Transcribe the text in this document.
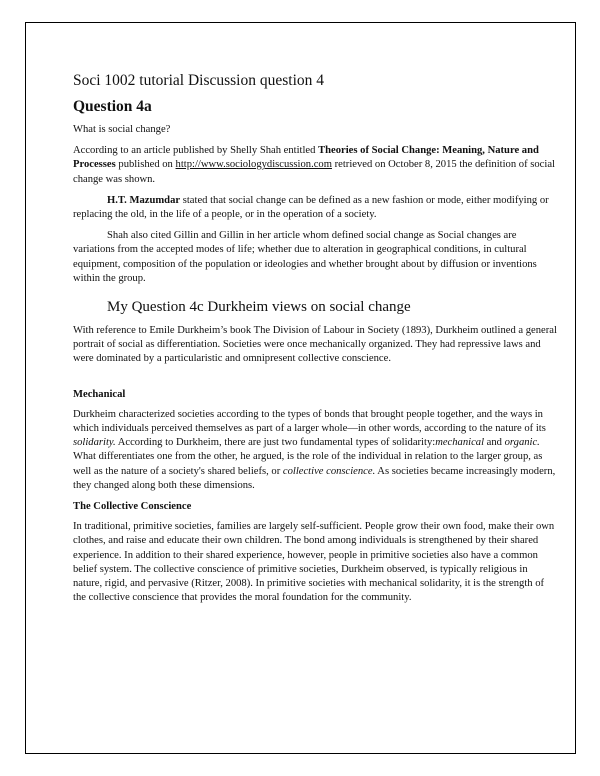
Soci 1002 tutorial Discussion question 4
Question 4a

What is social change?

According to an article published by Shelly Shah entitled Theories of Social Change: Meaning, Nature and Processes published on http://www.sociologydiscussion.com retrieved on October 8, 2015 the definition of social change was shown.

H.T. Mazumdar stated that social change can be defined as a new fashion or mode, either modifying or replacing the old, in the life of a people, or in the operation of a society.

Shah also cited Gillin and Gillin in her article whom defined social change as Social changes are variations from the accepted modes of life; whether due to alteration in geographical conditions, in cultural equipment, composition of the population or ideologies and whether brought about by diffusion or inventions within the group.

My Question 4c Durkheim views on social change

With reference to Emile Durkheim’s book The Division of Labour in Society (1893), Durkheim outlined a general portrait of social as differentiation. Societies were once mechanically organized. They had repressive laws and were dominated by a particularistic and omnipresent collective conscience.

Mechanical

Durkheim characterized societies according to the types of bonds that brought people together, and the ways in which individuals perceived themselves as part of a larger whole—in other words, according to the nature of its solidarity. According to Durkheim, there are just two fundamental types of solidarity:mechanical and organic. What differentiates one from the other, he argued, is the role of the individual in relation to the larger group, as well as the nature of a society's shared beliefs, or collective conscience. As societies became increasingly modern, they changed along both these dimensions.

The Collective Conscience

In traditional, primitive societies, families are largely self-sufficient. People grow their own food, make their own clothes, and raise and educate their own children. The bond among individuals is strengthened by their shared experience. In addition to their shared experience, however, people in primitive societies also have a common belief system. The collective conscience of primitive societies, Durkheim observed, is typically religious in nature, rigid, and pervasive (Ritzer, 2008). In primitive societies with mechanical solidarity, it is the strength of the collective conscience that provides the moral foundation for the community.
